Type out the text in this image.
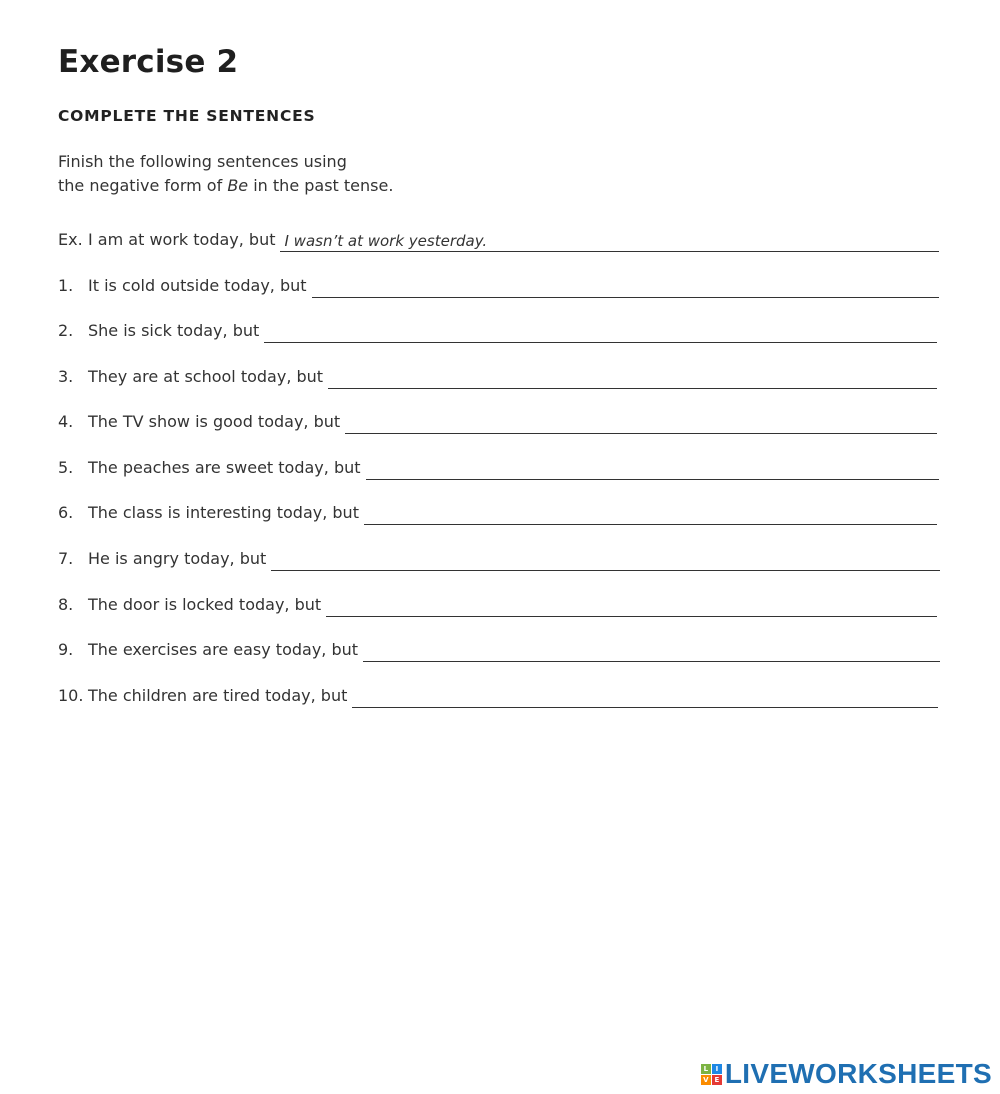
Exercise 2
COMPLETE THE SENTENCES
Finish the following sentences using
the negative form of Be in the past tense.
Ex. I am at work today, but I wasn’t at work yesterday.
1. It is cold outside today, but
2. She is sick today, but
3. They are at school today, but
4. The TV show is good today, but
5. The peaches are sweet today, but
6. The class is interesting today, but
7. He is angry today, but
8. The door is locked today, but
9. The exercises are easy today, but
10. The children are tired today, but
L	I
V E LIVEWORKSHEETS
